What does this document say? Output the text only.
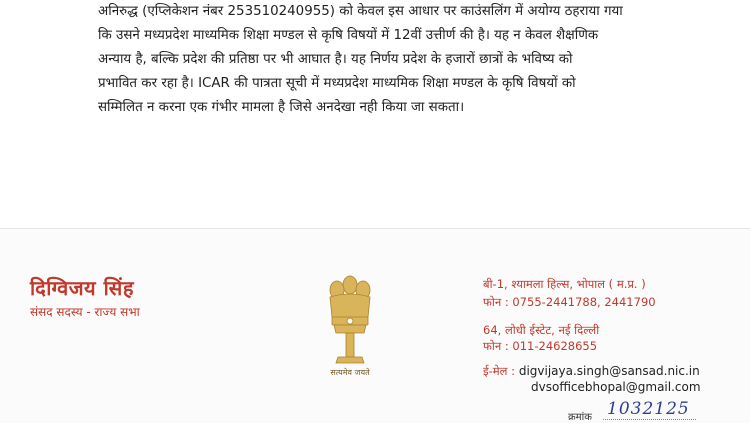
अनिरुद्ध (एप्लिकेशन नंबर 253510240955) को केवल इस आधार पर काउंसलिंग में अयोग्य ठहराया गया
कि उसने मध्यप्रदेश माध्यमिक शिक्षा मण्डल से कृषि विषयों में 12वीं उत्तीर्ण की है। यह न केवल शैक्षणिक
अन्याय है, बल्कि प्रदेश की प्रतिष्ठा पर भी आघात है। यह निर्णय प्रदेश के हजारों छात्रों के भविष्य को
प्रभावित कर रहा है। ICAR की पात्रता सूची में मध्यप्रदेश माध्यमिक शिक्षा मण्डल के कृषि विषयों को
सम्मिलित न करना एक गंभीर मामला है जिसे अनदेखा नही किया जा सकता।

दिग्विजय सिंह
संसद सदस्य - राज्य सभा
सत्यमेव जयते
बी-1, श्यामला हिल्स, भोपाल ( म.प्र. )
फोन : 0755-2441788, 2441790
64, लोधी ईस्टेट, नई दिल्ली
फोन : 011-24628655
ई-मेल : digvijaya.singh@sansad.nic.in
dvsofficebhopal@gmail.com
क्रमांक 1032125
